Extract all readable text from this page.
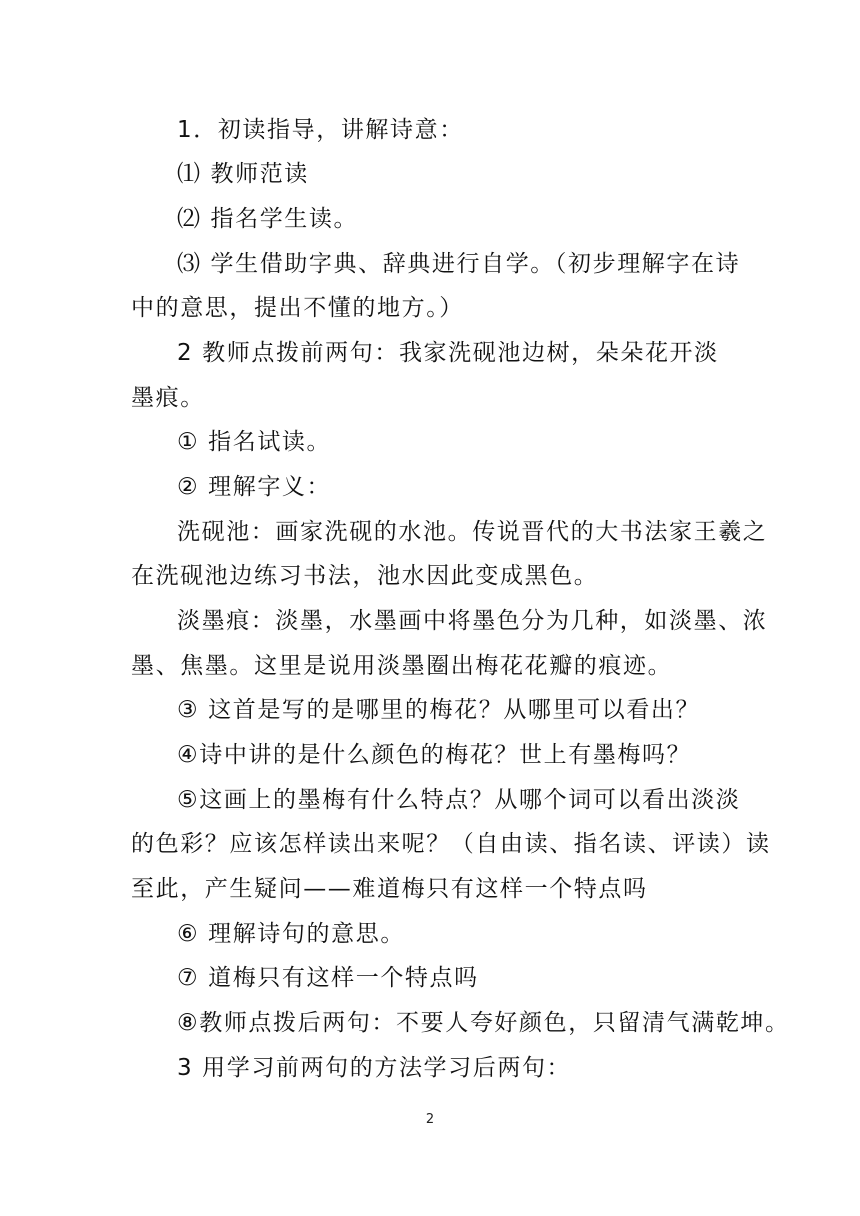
1．初读指导，讲解诗意：
⑴ 教师范读
⑵ 指名学生读。
⑶ 学生借助字典、辞典进行自学。（初步理解字在诗
中的意思，提出不懂的地方。）
2 教师点拨前两句：我家洗砚池边树，朵朵花开淡
墨痕。
① 指名试读。
② 理解字义：
洗砚池：画家洗砚的水池。传说晋代的大书法家王羲之
在洗砚池边练习书法，池水因此变成黑色。
淡墨痕：淡墨，水墨画中将墨色分为几种，如淡墨、浓
墨、焦墨。这里是说用淡墨圈出梅花花瓣的痕迹。
③ 这首是写的是哪里的梅花？从哪里可以看出？
④诗中讲的是什么颜色的梅花？世上有墨梅吗？
⑤这画上的墨梅有什么特点？从哪个词可以看出淡淡
的色彩？应该怎样读出来呢？（自由读、指名读、评读）读
至此，产生疑问——难道梅只有这样一个特点吗
⑥ 理解诗句的意思。
⑦ 道梅只有这样一个特点吗
⑧教师点拨后两句：不要人夸好颜色，只留清气满乾坤。
3 用学习前两句的方法学习后两句：
2
